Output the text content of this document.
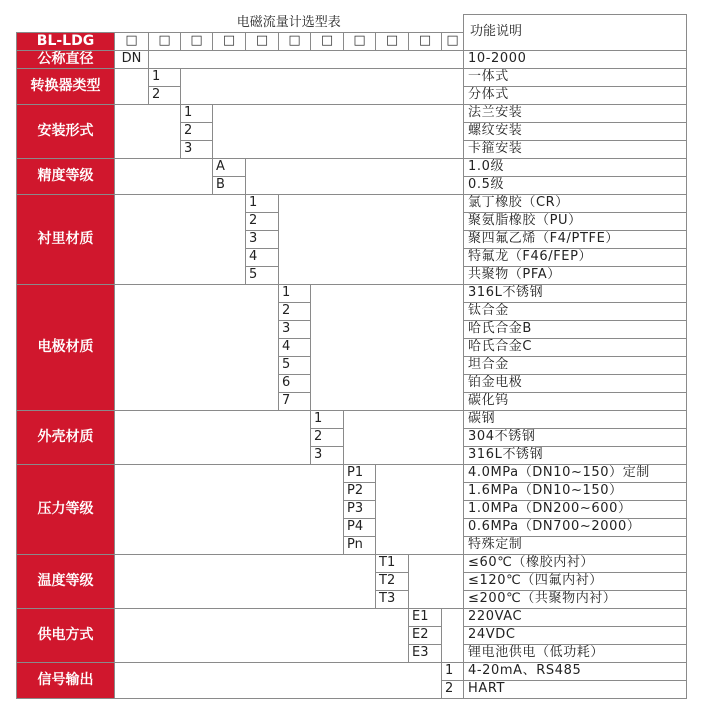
	电磁流量计选型表											功能说明
BL-LDG	□	□	□	□	□	□	□	□	□	□	□	
公称直径	DN											10-2000
转换器类型		1										一体式
		2										分体式
安装形式			1									法兰安装
			2									螺纹安装
			3									卡箍安装
精度等级				A								1.0级
				B								0.5级
衬里材质					1							氯丁橡胶（CR）
					2							聚氨脂橡胶（PU）
					3							聚四氟乙烯（F4/PTFE）
					4							特氟龙（F46/FEP）
					5							共聚物（PFA）
电极材质						1						316L不锈钢
						2						钛合金
						3						哈氏合金B
						4						哈氏合金C
						5						坦合金
						6						铂金电极
						7						碳化钨
外壳材质							1					碳钢
							2					304不锈钢
							3					316L不锈钢
压力等级								P1				4.0MPa（DN10~150）定制
								P2				1.6MPa（DN10~150）
								P3				1.0MPa（DN200~600）
								P4				0.6MPa（DN700~2000）
								Pn				特殊定制
温度等级									T1			≤60℃（橡胶内衬）
									T2			≤120℃（四氟内衬）
									T3			≤200℃（共聚物内衬）
供电方式										E1		220VAC
										E2		24VDC
										E3		锂电池供电（低功耗）
信号输出											1	4-20mA、RS485
											2	HART
